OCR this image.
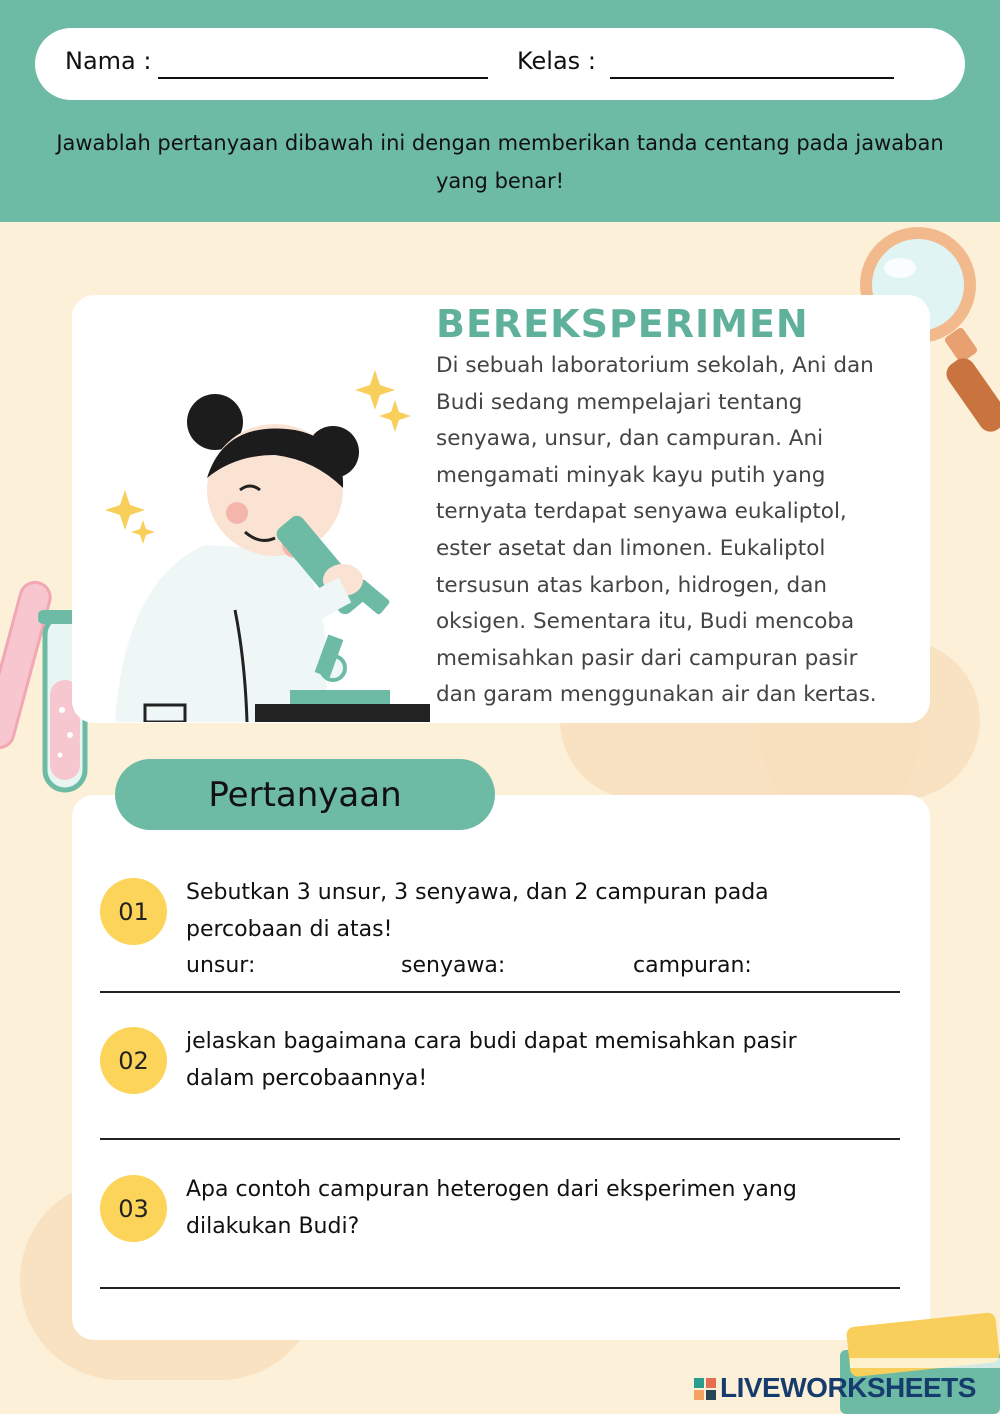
Nama :	Kelas :
Jawablah pertanyaan dibawah ini dengan memberikan tanda centang pada jawaban yang benar!
BEREKSPERIMEN
Di sebuah laboratorium sekolah, Ani dan
Budi sedang mempelajari tentang
senyawa, unsur, dan campuran. Ani
mengamati minyak kayu putih yang
ternyata terdapat senyawa eukaliptol,
ester asetat dan limonen. Eukaliptol
tersusun atas karbon, hidrogen, dan
oksigen. Sementara itu, Budi mencoba
memisahkan pasir dari campuran pasir
dan garam menggunakan air dan kertas.
Pertanyaan
01
Sebutkan 3 unsur, 3 senyawa, dan 2 campuran pada
percobaan di atas!
unsur:	senyawa:	campuran:
02
jelaskan bagaimana cara budi dapat memisahkan pasir
dalam percobaannya!
03
Apa contoh campuran heterogen dari eksperimen yang
dilakukan Budi?
LIVEWORKSHEETS
